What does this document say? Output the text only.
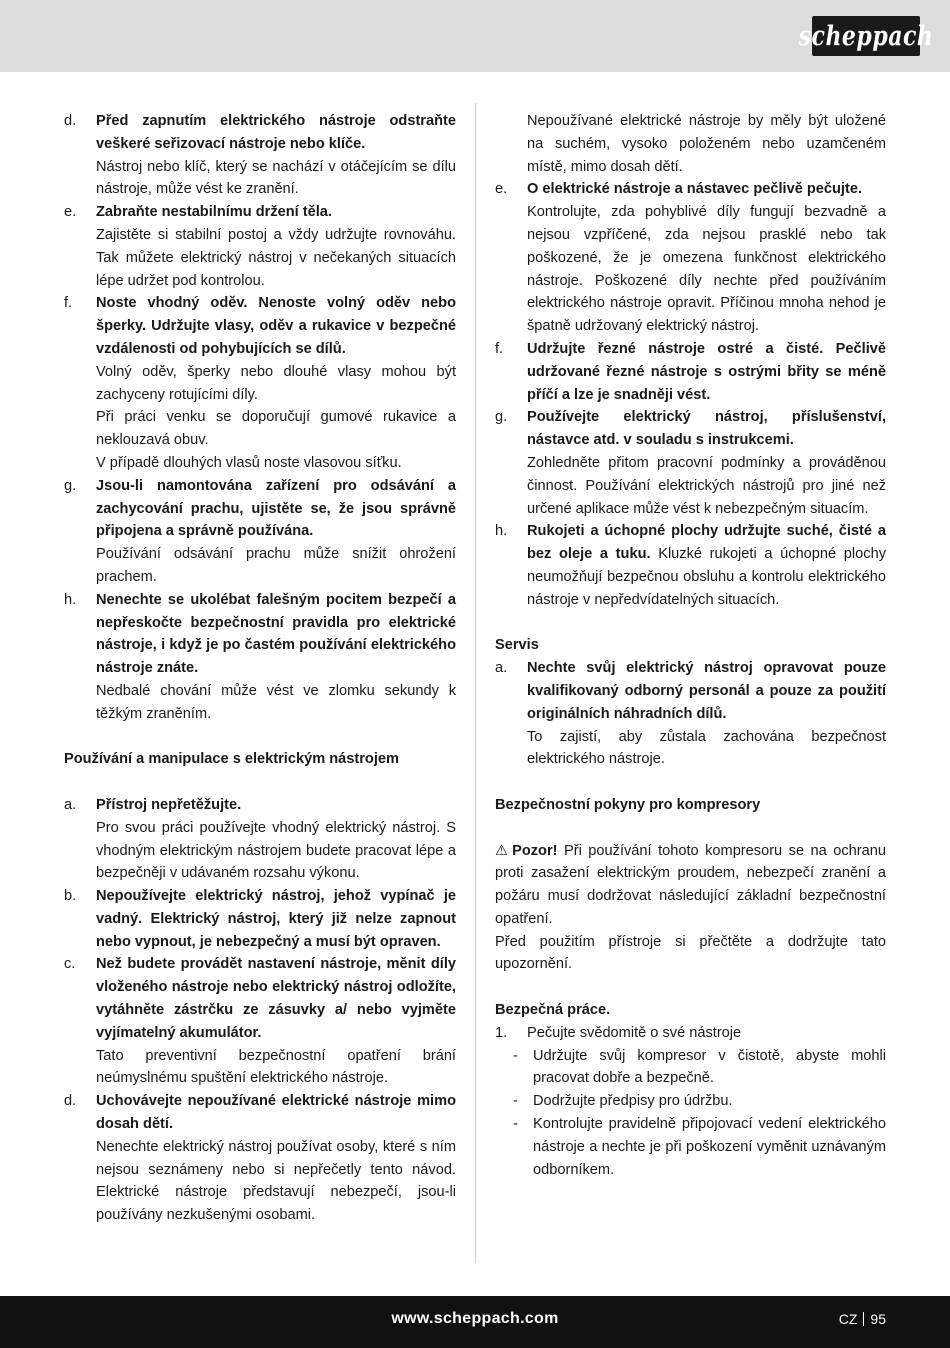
scheppach
d.	Před zapnutím elektrického nástroje odstraňte veškeré seřizovací nástroje nebo klíče.
Nástroj nebo klíč, který se nachází v otáčejícím se dílu nástroje, může vést ke zranění.
e.	Zabraňte nestabilnímu držení těla.
Zajistěte si stabilní postoj a vždy udržujte rovnováhu. Tak můžete elektrický nástroj v nečekaných situacích lépe udržet pod kontrolou.
f.	Noste vhodný oděv. Nenoste volný oděv nebo šperky. Udržujte vlasy, oděv a rukavice v bezpečné vzdálenosti od pohybujících se dílů.
Volný oděv, šperky nebo dlouhé vlasy mohou být zachyceny rotujícími díly.
Při práci venku se doporučují gumové rukavice a neklouzavá obuv.
V případě dlouhých vlasů noste vlasovou síťku.
g.	Jsou-li namontována zařízení pro odsávání a zachycování prachu, ujistěte se, že jsou správně připojena a správně používána.
Používání odsávání prachu může snížit ohrožení prachem.
h.	Nenechte se ukolébat falešným pocitem bezpečí a nepřeskočte bezpečnostní pravidla pro elektrické nástroje, i když je po častém používání elektrického nástroje znáte.
Nedbalé chování může vést ve zlomku sekundy k těžkým zraněním.
Používání a manipulace s elektrickým nástrojem
a.	Přístroj nepřetěžujte.
Pro svou práci používejte vhodný elektrický nástroj. S vhodným elektrickým nástrojem budete pracovat lépe a bezpečněji v udávaném rozsahu výkonu.
b.	Nepoužívejte elektrický nástroj, jehož vypínač je vadný. Elektrický nástroj, který již nelze zapnout nebo vypnout, je nebezpečný a musí být opraven.
c.	Než budete provádět nastavení nástroje, měnit díly vloženého nástroje nebo elektrický nástroj odložíte, vytáhněte zástrčku ze zásuvky a/ nebo vyjměte vyjímatelný akumulátor.
Tato preventivní bezpečnostní opatření brání neúmyslnému spuštění elektrického nástroje.
d.	Uchovávejte nepoužívané elektrické nástroje mimo dosah dětí.
Nenechte elektrický nástroj používat osoby, které s ním nejsou seznámeny nebo si nepřečetly tento návod. Elektrické nástroje představují nebezpečí, jsou-li používány nezkušenými osobami.
Nepoužívané elektrické nástroje by měly být uložené na suchém, vysoko položeném nebo uzamčeném místě, mimo dosah dětí.
e.	O elektrické nástroje a nástavec pečlivě pečujte.
Kontrolujte, zda pohyblivé díly fungují bezvadně a nejsou vzpříčené, zda nejsou prasklé nebo tak poškozené, že je omezena funkčnost elektrického nástroje. Poškozené díly nechte před používáním elektrického nástroje opravit. Příčinou mnoha nehod je špatně udržovaný elektrický nástroj.
f.	Udržujte řezné nástroje ostré a čisté. Pečlivě udržované řezné nástroje s ostrými břity se méně příčí a lze je snadněji vést.
g.	Používejte elektrický nástroj, příslušenství, nástavce atd. v souladu s instrukcemi.
Zohledněte přitom pracovní podmínky a prováděnou činnost. Používání elektrických nástrojů pro jiné než určené aplikace může vést k nebezpečným situacím.
h.	Rukojeti a úchopné plochy udržujte suché, čisté a bez oleje a tuku. Kluzké rukojeti a úchopné plochy neumožňují bezpečnou obsluhu a kontrolu elektrického nástroje v nepředvídatelných situacích.
Servis
a.	Nechte svůj elektrický nástroj opravovat pouze kvalifikovaný odborný personál a pouze za použití originálních náhradních dílů.
To zajistí, aby zůstala zachována bezpečnost elektrického nástroje.
Bezpečnostní pokyny pro kompresory
⚠ Pozor! Při používání tohoto kompresoru se na ochranu proti zasažení elektrickým proudem, nebezpečí zranění a požáru musí dodržovat následující základní bezpečnostní opatření.
Před použitím přístroje si přečtěte a dodržujte tato upozornění.
Bezpečná práce.
1.	Pečujte svědomitě o své nástroje
-	Udržujte svůj kompresor v čistotě, abyste mohli pracovat dobře a bezpečně.
-	Dodržujte předpisy pro údržbu.
-	Kontrolujte pravidelně připojovací vedení elektrického nástroje a nechte je při poškození vyměnit uznávaným odborníkem.
www.scheppach.com	CZ 95
